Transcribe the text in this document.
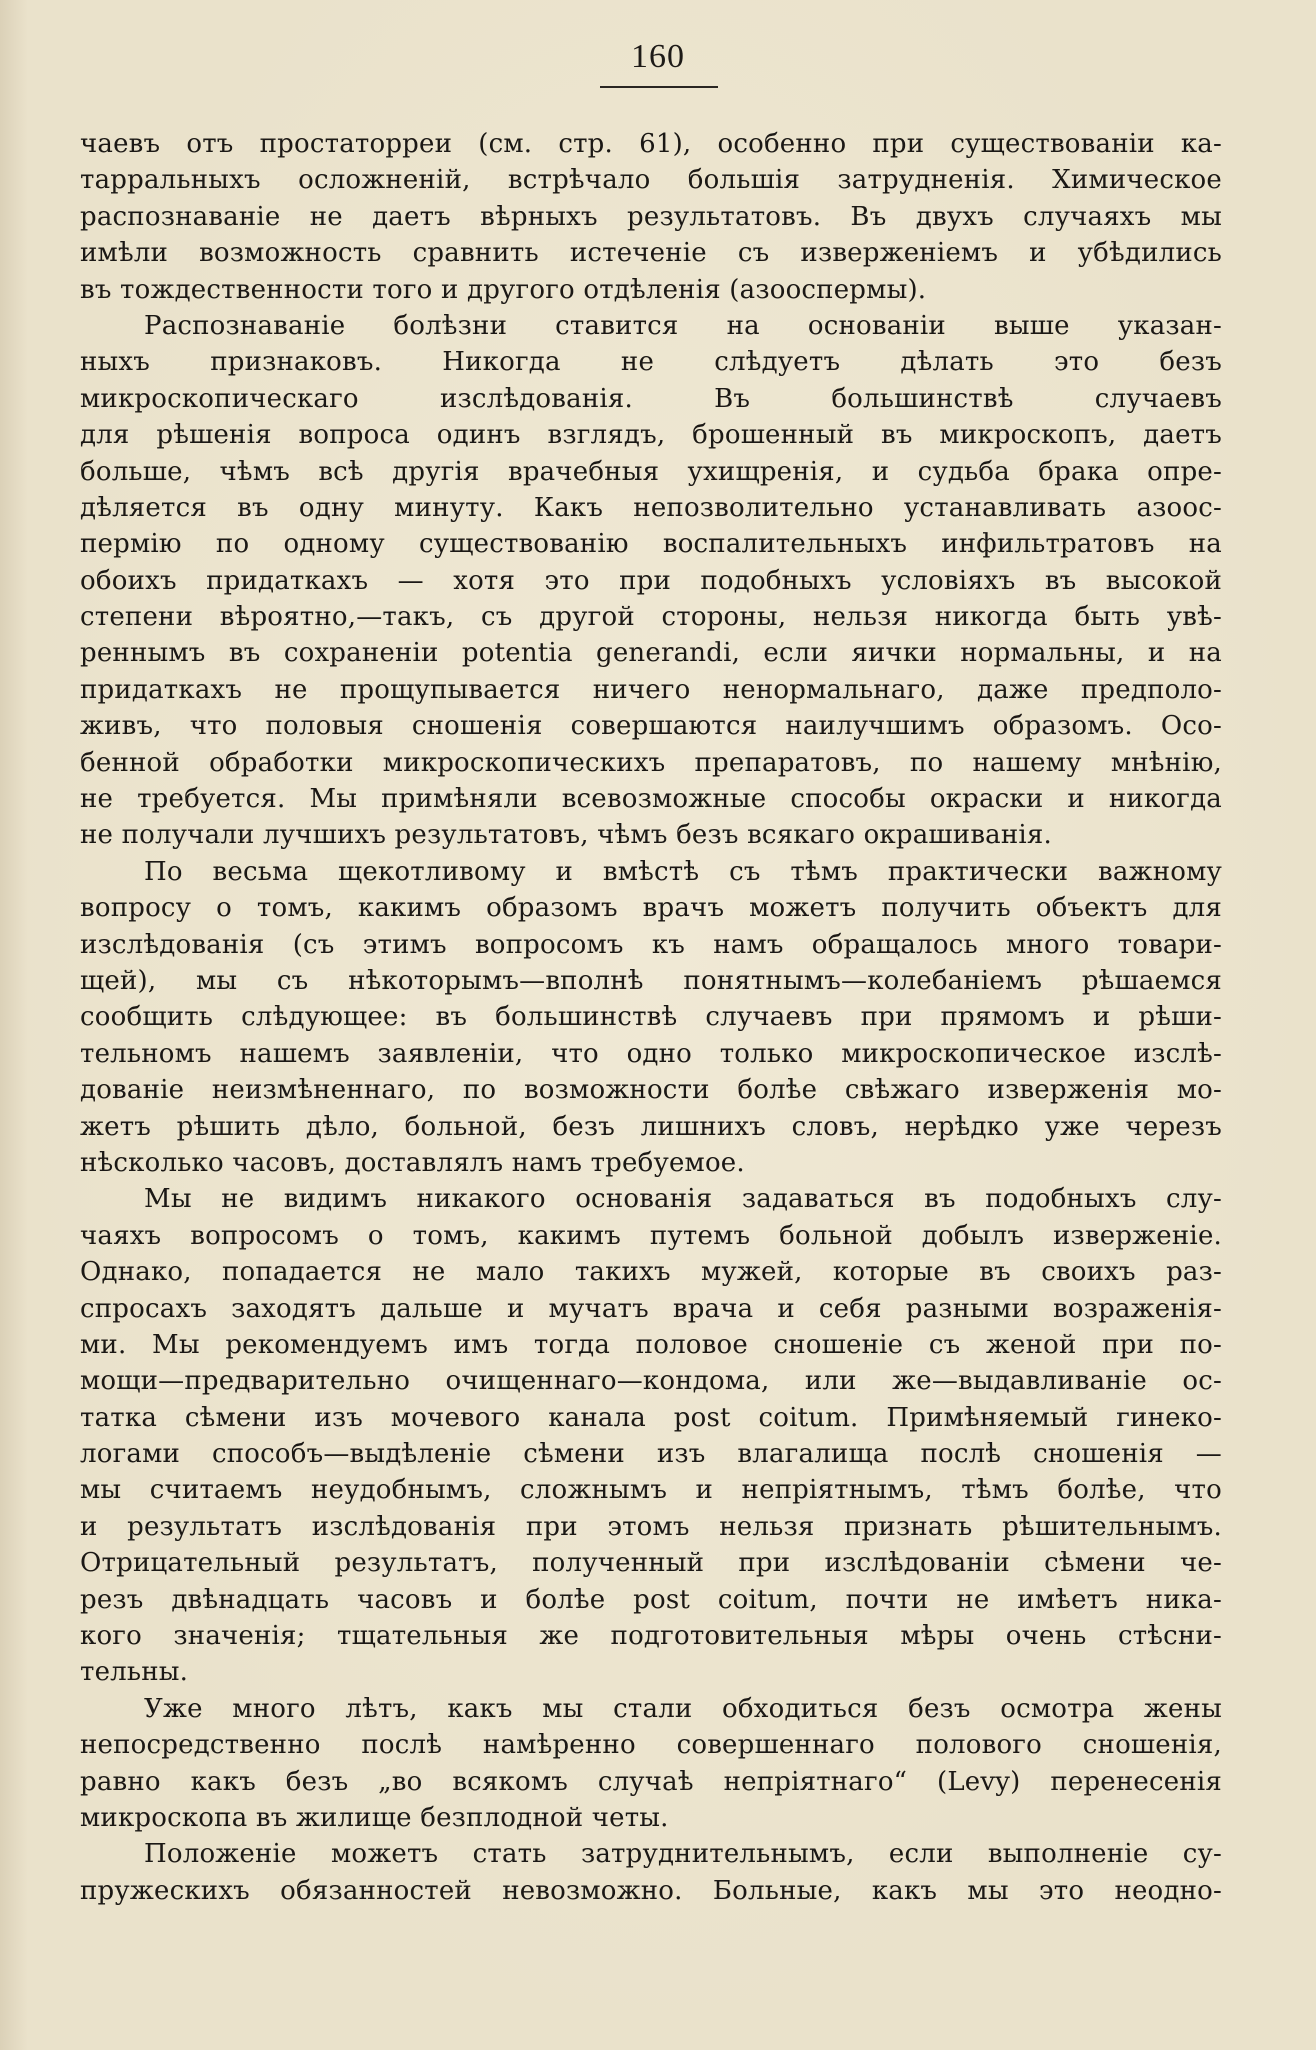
160
чаевъ отъ простаторреи (см. стр. 61), особенно при существованіи ка-
тарральныхъ осложненій, встрѣчало большія затрудненія. Химическое
распознаваніе не даетъ вѣрныхъ результатовъ. Въ двухъ случаяхъ мы
имѣли возможность сравнить истеченіе съ изверженіемъ и убѣдились
въ тождественности того и другого отдѣленія (азооспермы).
Распознаваніе болѣзни ставится на основаніи выше указан-
ныхъ признаковъ. Никогда не слѣдуетъ дѣлать это безъ
микроскопическаго изслѣдованія. Въ большинствѣ случаевъ
для рѣшенія вопроса одинъ взглядъ, брошенный въ микроскопъ, даетъ
больше, чѣмъ всѣ другія врачебныя ухищренія, и судьба брака опре-
дѣляется въ одну минуту. Какъ непозволительно устанавливать азоос-
пермію по одному существованію воспалительныхъ инфильтратовъ на
обоихъ придаткахъ — хотя это при подобныхъ условіяхъ въ высокой
степени вѣроятно,—такъ, съ другой стороны, нельзя никогда быть увѣ-
реннымъ въ сохраненіи potentia generandi, если яички нормальны, и на
придаткахъ не прощупывается ничего ненормальнаго, даже предполо-
живъ, что половыя сношенія совершаются наилучшимъ образомъ. Осо-
бенной обработки микроскопическихъ препаратовъ, по нашему мнѣнію,
не требуется. Мы примѣняли всевозможные способы окраски и никогда
не получали лучшихъ результатовъ, чѣмъ безъ всякаго окрашиванія.
По весьма щекотливому и вмѣстѣ съ тѣмъ практически важному
вопросу о томъ, какимъ образомъ врачъ можетъ получить объектъ для
изслѣдованія (съ этимъ вопросомъ къ намъ обращалось много товари-
щей), мы съ нѣкоторымъ—вполнѣ понятнымъ—колебаніемъ рѣшаемся
сообщить слѣдующее: въ большинствѣ случаевъ при прямомъ и рѣши-
тельномъ нашемъ заявленіи, что одно только микроскопическое изслѣ-
дованіе неизмѣненнаго, по возможности болѣе свѣжаго изверженія мо-
жетъ рѣшить дѣло, больной, безъ лишнихъ словъ, нерѣдко уже черезъ
нѣсколько часовъ, доставлялъ намъ требуемое.
Мы не видимъ никакого основанія задаваться въ подобныхъ слу-
чаяхъ вопросомъ о томъ, какимъ путемъ больной добылъ изверженіе.
Однако, попадается не мало такихъ мужей, которые въ своихъ раз-
спросахъ заходятъ дальше и мучатъ врача и себя разными возраженія-
ми. Мы рекомендуемъ имъ тогда половое сношеніе съ женой при по-
мощи—предварительно очищеннаго—кондома, или же—выдавливаніе ос-
татка сѣмени изъ мочевого канала post coitum. Примѣняемый гинеко-
логами способъ—выдѣленіе сѣмени изъ влагалища послѣ сношенія —
мы считаемъ неудобнымъ, сложнымъ и непріятнымъ, тѣмъ болѣе, что
и результатъ изслѣдованія при этомъ нельзя признать рѣшительнымъ.
Отрицательный результатъ, полученный при изслѣдованіи сѣмени че-
резъ двѣнадцать часовъ и болѣе post coitum, почти не имѣетъ никa-
кого значенія; тщательныя же подготовительныя мѣры очень стѣсни-
тельны.
Уже много лѣтъ, какъ мы стали обходиться безъ осмотра жены
непосредственно послѣ намѣренно совершеннаго полового сношенія,
равно какъ безъ „во всякомъ случаѣ непріятнаго“ (Levy) перенесенія
микроскопа въ жилище безплодной четы.
Положеніе можетъ стать затруднительнымъ, если выполненіе су-
пружескихъ обязанностей невозможно. Больные, какъ мы это неодно-
